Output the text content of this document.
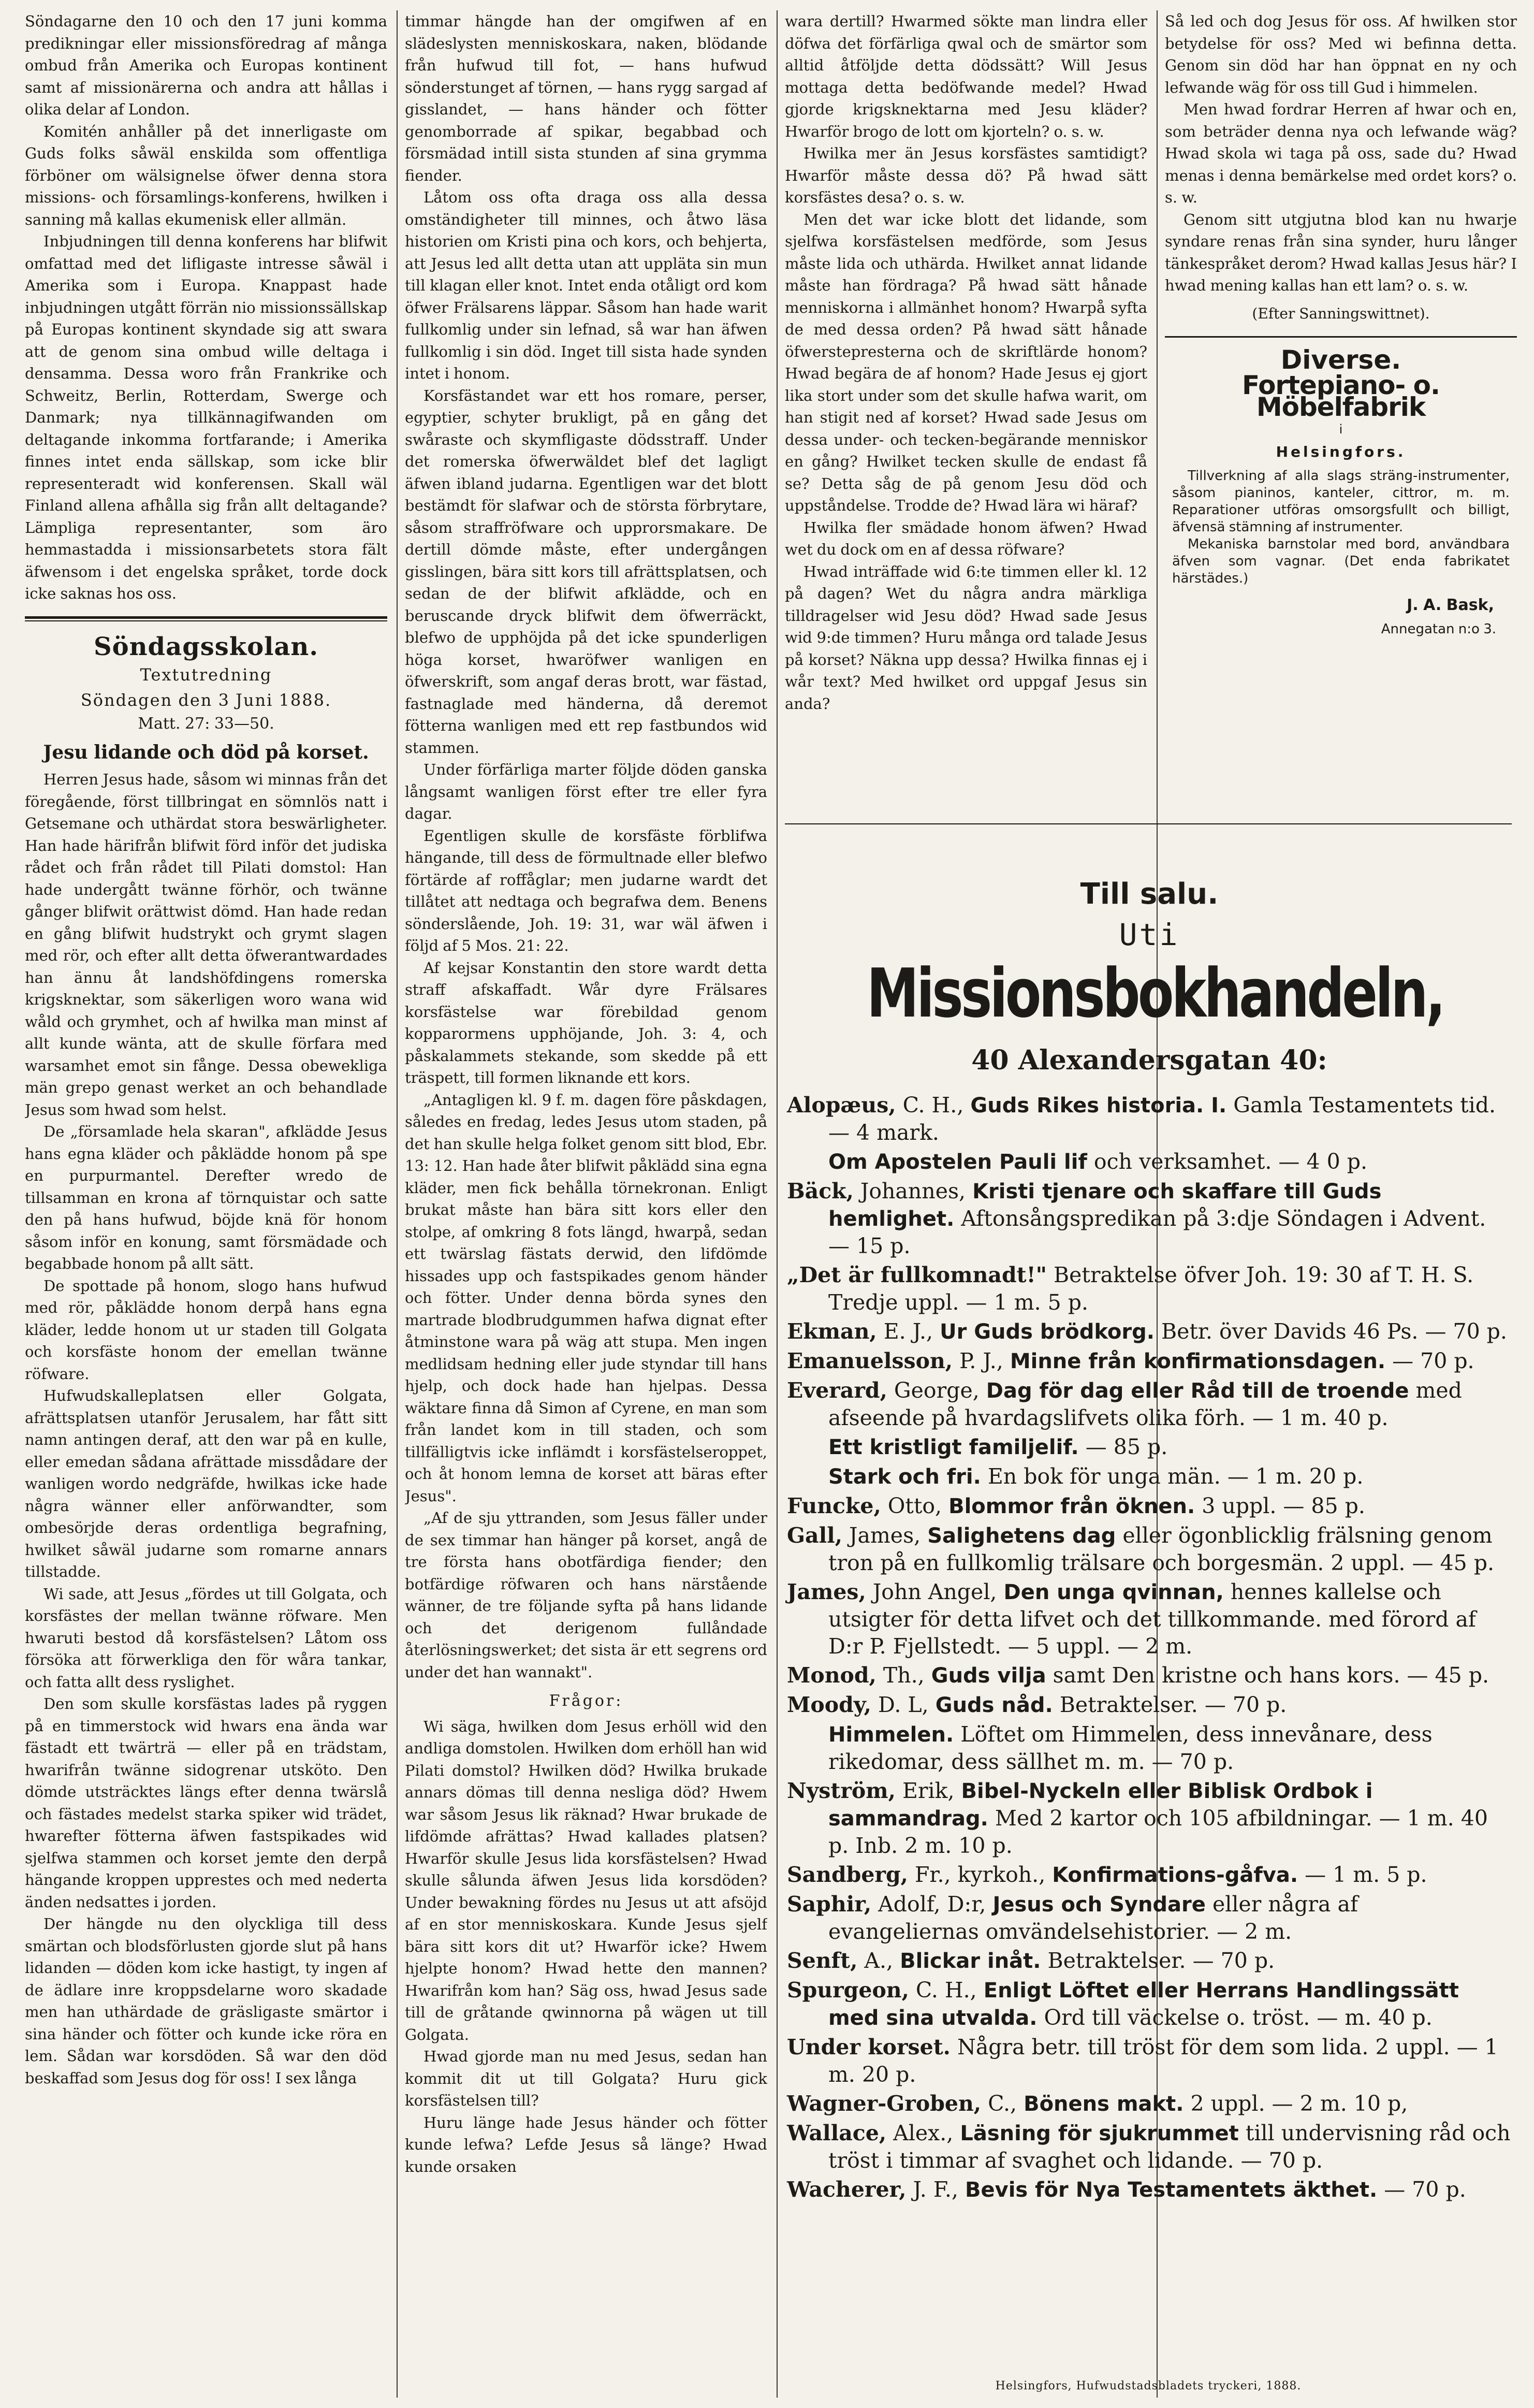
Söndagarne den 10 och den 17 juni komma predikningar eller missionsföredrag af många ombud från Amerika och Europas kontinent samt af missionärerna och andra att hållas i olika delar af London.

Komitén anhåller på det innerligaste om Guds folks såwäl enskilda som offentliga förböner om wälsignelse öfwer denna stora missions- och församlings-konferens, hwilken i sanning må kallas ekumenisk eller allmän.

Inbjudningen till denna konferens har blifwit omfattad med det lifligaste intresse såwäl i Amerika som i Europa. Knappast hade inbjudningen utgått förrän nio missionssällskap på Europas kontinent skyndade sig att swara att de genom sina ombud wille deltaga i densamma. Dessa woro från Frankrike och Schweitz, Berlin, Rotterdam, Swerge och Danmark; nya tillkännagifwanden om deltagande inkomma fortfarande; i Amerika finnes intet enda sällskap, som icke blir representeradt wid konferensen. Skall wäl Finland allena afhålla sig från allt deltagande? Lämpliga representanter, som äro hemmastadda i missionsarbetets stora fält äfwensom i det engelska språket, torde dock icke saknas hos oss.

Söndagsskolan.
Textutredning
Söndagen den 3 Juni 1888.
Matt. 27: 33—50.
Jesu lidande och död på korset.

Herren Jesus hade, såsom wi minnas från det föregående, först tillbringat en sömnlös natt i Getsemane och uthärdat stora beswärligheter. Han hade härifrån blifwit förd inför det judiska rådet och från rådet till Pilati domstol: Han hade undergått twänne förhör, och twänne gånger blifwit orättwist dömd. Han hade redan en gång blifwit hudstrykt och grymt slagen med rör, och efter allt detta öfwerantwardades han ännu åt landshöfdingens romerska krigsknektar, som säkerligen woro wana wid wåld och grymhet, och af hwilka man minst af allt kunde wänta, att de skulle förfara med warsamhet emot sin fånge. Dessa obewekliga män grepo genast werket an och behandlade Jesus som hwad som helst.

De „församlade hela skaran", afklädde Jesus hans egna kläder och påklädde honom på spe en purpurmantel. Derefter wredo de tillsamman en krona af törnquistar och satte den på hans hufwud, böjde knä för honom såsom inför en konung, samt försmädade och begabbade honom på allt sätt.

De spottade på honom, slogo hans hufwud med rör, påklädde honom derpå hans egna kläder, ledde honom ut ur staden till Golgata och korsfäste honom der emellan twänne röfware.

Hufwudskalleplatsen eller Golgata, afrättsplatsen utanför Jerusalem, har fått sitt namn antingen deraf, att den war på en kulle, eller emedan sådana afrättade missdådare der wanligen wordo nedgräfde, hwilkas icke hade några wänner eller anförwandter, som ombesörjde deras ordentliga begrafning, hwilket såwäl judarne som romarne annars tillstadde.

Wi sade, att Jesus „fördes ut till Golgata, och korsfästes der mellan twänne röfware. Men hwaruti bestod då korsfästelsen? Låtom oss försöka att förwerkliga den för wåra tankar, och fatta allt dess ryslighet.

Den som skulle korsfästas lades på ryggen på en timmerstock wid hwars ena ända war fästadt ett twärträ — eller på en trädstam, hwarifrån twänne sidogrenar utsköto. Den dömde utsträcktes längs efter denna twärslå och fästades medelst starka spiker wid trädet, hwarefter fötterna äfwen fastspikades wid sjelfwa stammen och korset jemte den derpå hängande kroppen upprestes och med nederta änden nedsattes i jorden.

Der hängde nu den olyckliga till dess smärtan och blodsförlusten gjorde slut på hans lidanden — döden kom icke hastigt, ty ingen af de ädlare inre kroppsdelarne woro skadade men han uthärdade de gräsligaste smärtor i sina händer och fötter och kunde icke röra en lem. Sådan war korsdöden. Så war den död beskaffad som Jesus dog för oss! I sex långa

timmar hängde han der omgifwen af en slädeslysten menniskoskara, naken, blödande från hufwud till fot, — hans hufwud sönderstunget af törnen, — hans rygg sargad af gisslandet, — hans händer och fötter genomborrade af spikar, begabbad och försmädad intill sista stunden af sina grymma fiender.

Låtom oss ofta draga oss alla dessa omständigheter till minnes, och åtwo läsa historien om Kristi pina och kors, och behjerta, att Jesus led allt detta utan att uppläta sin mun till klagan eller knot. Intet enda otåligt ord kom öfwer Frälsarens läppar. Såsom han hade warit fullkomlig under sin lefnad, så war han äfwen fullkomlig i sin död. Inget till sista hade synden intet i honom.

Korsfästandet war ett hos romare, perser, egyptier, schyter brukligt, på en gång det swåraste och skymfligaste dödsstraff. Under det romerska öfwerwäldet blef det lagligt äfwen ibland judarna. Egentligen war det blott bestämdt för slafwar och de största förbrytare, såsom straffröfware och upprorsmakare. De dertill dömde måste, efter undergången gisslingen, bära sitt kors till afrättsplatsen, och sedan de der blifwit afklädde, och en beruscande dryck blifwit dem öfwerräckt, blefwo de upphöjda på det icke spunderligen höga korset, hwaröfwer wanligen en öfwerskrift, som angaf deras brott, war fästad, fastnaglade med händerna, då deremot fötterna wanligen med ett rep fastbundos wid stammen.

Under förfärliga marter följde döden ganska långsamt wanligen först efter tre eller fyra dagar.

Egentligen skulle de korsfäste förblifwa hängande, till dess de förmultnade eller blefwo förtärde af roffåglar; men judarne wardt det tillåtet att nedtaga och begrafwa dem. Benens sönderslående, Joh. 19: 31, war wäl äfwen i följd af 5 Mos. 21: 22.

Af kejsar Konstantin den store wardt detta straff afskaffadt. Wår dyre Frälsares korsfästelse war förebildad genom kopparormens upphöjande, Joh. 3: 4, och påskalammets stekande, som skedde på ett träspett, till formen liknande ett kors.

„Antagligen kl. 9 f. m. dagen före påskdagen, således en fredag, ledes Jesus utom staden, på det han skulle helga folket genom sitt blod, Ebr. 13: 12. Han hade åter blifwit påklädd sina egna kläder, men fick behålla törnekronan. Enligt brukat måste han bära sitt kors eller den stolpe, af omkring 8 fots längd, hwarpå, sedan ett twärslag fästats derwid, den lifdömde hissades upp och fastspikades genom händer och fötter. Under denna börda synes den martrade blodbrudgummen hafwa dignat efter åtminstone wara på wäg att stupa. Men ingen medlidsam hedning eller jude styndar till hans hjelp, och dock hade han hjelpas. Dessa wäktare finna då Simon af Cyrene, en man som från landet kom in till staden, och som tillfälligtvis icke inflämdt i korsfästelseroppet, och åt honom lemna de korset att bäras efter Jesus".

„Af de sju yttranden, som Jesus fäller under de sex timmar han hänger på korset, angå de tre första hans obotfärdiga fiender; den botfärdige röfwaren och hans närstående wänner, de tre följande syfta på hans lidande och det derigenom fullåndade återlösningswerket; det sista är ett segrens ord under det han wannakt".

Frågor:

Wi säga, hwilken dom Jesus erhöll wid den andliga domstolen. Hwilken dom erhöll han wid Pilati domstol? Hwilken död? Hwilka brukade annars dömas till denna nesliga död? Hwem war såsom Jesus lik räknad? Hwar brukade de lifdömde afrättas? Hwad kallades platsen? Hwarför skulle Jesus lida korsfästelsen? Hwad skulle sålunda äfwen Jesus lida korsdöden? Under bewakning fördes nu Jesus ut att afsöjd af en stor menniskoskara. Kunde Jesus sjelf bära sitt kors dit ut? Hwarför icke? Hwem hjelpte honom? Hwad hette den mannen? Hwarifrån kom han? Säg oss, hwad Jesus sade till de gråtande qwinnorna på wägen ut till Golgata.

Hwad gjorde man nu med Jesus, sedan han kommit dit ut till Golgata? Huru gick korsfästelsen till?

Huru länge hade Jesus händer och fötter kunde lefwa? Lefde Jesus så länge? Hwad kunde orsaken

wara dertill? Hwarmed sökte man lindra eller döfwa det förfärliga qwal och de smärtor som alltid åtföljde detta dödssätt? Will Jesus mottaga detta bedöfwande medel? Hwad gjorde krigsknektarna med Jesu kläder? Hwarför brogo de lott om kjorteln? o. s. w.

Hwilka mer än Jesus korsfästes samtidigt? Hwarför måste dessa dö? På hwad sätt korsfästes desa? o. s. w.

Men det war icke blott det lidande, som sjelfwa korsfästelsen medförde, som Jesus måste lida och uthärda. Hwilket annat lidande måste han fördraga? På hwad sätt hånade menniskorna i allmänhet honom? Hwarpå syfta de med dessa orden? På hwad sätt hånade öfwerstepresterna och de skriftlärde honom? Hwad begära de af honom? Hade Jesus ej gjort lika stort under som det skulle hafwa warit, om han stigit ned af korset? Hwad sade Jesus om dessa under- och tecken-begärande menniskor en gång? Hwilket tecken skulle de endast få se? Detta såg de på genom Jesu död och uppståndelse. Trodde de? Hwad lära wi häraf?

Hwilka fler smädade honom äfwen? Hwad wet du dock om en af dessa röfware?

Hwad inträffade wid 6:te timmen eller kl. 12 på dagen? Wet du några andra märkliga tilldragelser wid Jesu död? Hwad sade Jesus wid 9:de timmen? Huru många ord talade Jesus på korset? Näkna upp dessa? Hwilka finnas ej i wår text? Med hwilket ord uppgaf Jesus sin anda?

Så led och dog Jesus för oss. Af hwilken stor betydelse för oss? Med wi befinna detta. Genom sin död har han öppnat en ny och lefwande wäg för oss till Gud i himmelen.

Men hwad fordrar Herren af hwar och en, som beträder denna nya och lefwande wäg? Hwad skola wi taga på oss, sade du? Hwad menas i denna bemärkelse med ordet kors? o. s. w.

Genom sitt utgjutna blod kan nu hwarje syndare renas från sina synder, huru långer tänkespråket derom? Hwad kallas Jesus här? I hwad mening kallas han ett lam? o. s. w.

(Efter Sanningswittnet).
Diverse.
Fortepiano- o. Möbelfabrik
i
Helsingfors.

Tillverkning af alla slags sträng-instrumenter, såsom pianinos, kanteler, cittror, m. m. Reparationer utföras omsorgsfullt och billigt, äfvensä stämning af instrumenter.

Mekaniska barnstolar med bord, användbara äfven som vagnar. (Det enda fabrikatet härstädes.)

J. A. Bask,
Annegatan n:o 3.
Till salu.
Uti
Missionsbokhandeln,
40 Alexandersgatan 40:

Alopæus, C. H., Guds Rikes historia. I. Gamla Testamentets tid. — 4 mark.

Om Apostelen Pauli lif och verksamhet. — 4 0 p.

Bäck, Johannes, Kristi tjenare och skaffare till Guds hemlighet. Aftonsångspredikan på 3:dje Söndagen i Advent. — 15 p.

„Det är fullkomnadt!" Betraktelse öfver Joh. 19: 30 af T. H. S. Tredje uppl. — 1 m. 5 p.

Ekman, E. J., Ur Guds brödkorg. Betr. över Davids 46 Ps. — 70 p.

Emanuelsson, P. J., Minne från konfirmationsdagen. — 70 p.

Everard, George, Dag för dag eller Råd till de troende med afseende på hvardagslifvets olika förh. — 1 m. 40 p.

Ett kristligt familjelif. — 85 p.

Stark och fri. En bok för unga män. — 1 m. 20 p.

Funcke, Otto, Blommor från öknen. 3 uppl. — 85 p.

Gall, James, Salighetens dag eller ögonblicklig frälsning genom tron på en fullkomlig trälsare och borgesmän. 2 uppl. — 45 p.

James, John Angel, Den unga qvinnan, hennes kallelse och utsigter för detta lifvet och det tillkommande. med förord af D:r P. Fjellstedt. — 5 uppl. — 2 m.

Monod, Th., Guds vilja samt Den kristne och hans kors. — 45 p.

Moody, D. L, Guds nåd. Betraktelser. — 70 p.

Himmelen. Löftet om Himmelen, dess innevånare, dess rikedomar, dess sällhet m. m. — 70 p.

Nyström, Erik, Bibel-Nyckeln eller Biblisk Ordbok i sammandrag. Med 2 kartor och 105 afbildningar. — 1 m. 40 p. Inb. 2 m. 10 p.

Sandberg, Fr., kyrkoh., Konfirmations-gåfva. — 1 m. 5 p.

Saphir, Adolf, D:r, Jesus och Syndare eller några af evangeliernas omvändelsehistorier. — 2 m.

Senft, A., Blickar inåt. Betraktelser. — 70 p.

Spurgeon, C. H., Enligt Löftet eller Herrans Handlingssätt med sina utvalda. Ord till väckelse o. tröst. — m. 40 p.

Under korset. Några betr. till tröst för dem som lida. 2 uppl. — 1 m. 20 p.

Wagner-Groben, C., Bönens makt. 2 uppl. — 2 m. 10 p,

Wallace, Alex., Läsning för sjukrummet till undervisning råd och tröst i timmar af svaghet och lidande. — 70 p.

Wacherer, J. F., Bevis för Nya Testamentets äkthet. — 70 p.

Helsingfors, Hufwudstadsbladets tryckeri, 1888.
